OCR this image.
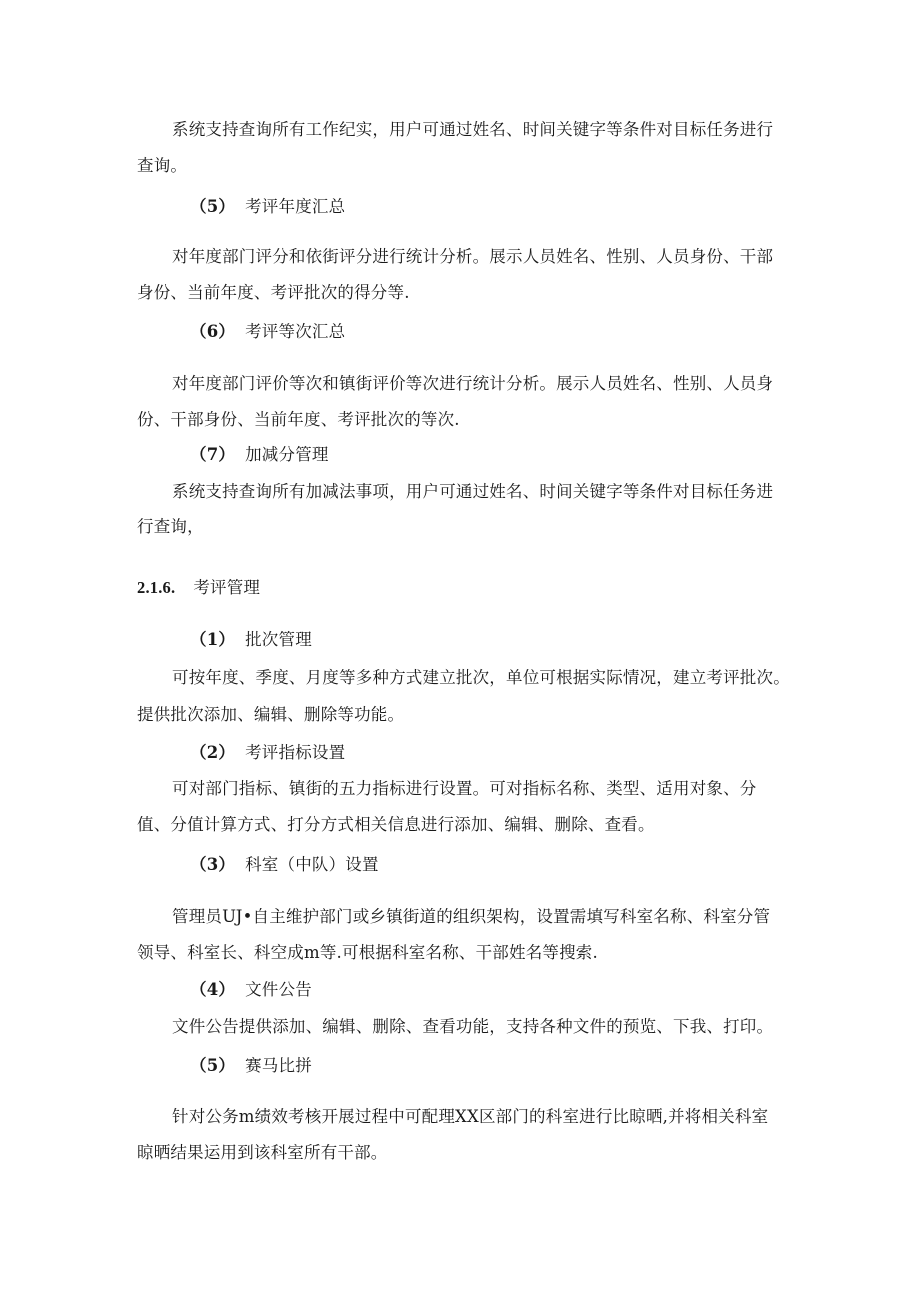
系统支持查询所有工作纪实，用户可通过姓名、时间关键字等条件对目标任务进行
查询。
（5） 考评年度汇总
对年度部门评分和依街评分进行统计分析。展示人员姓名、性别、人员身份、干部
身份、当前年度、考评批次的得分等.
（6） 考评等次汇总
对年度部门评价等次和镇街评价等次进行统计分析。展示人员姓名、性别、人员身
份、干部身份、当前年度、考评批次的等次.
（7） 加减分管理
系统支持查询所有加减法事项，用户可通过姓名、时间关键字等条件对目标任务进
行查询，
2.1.6. 考评管理
（1） 批次管理
可按年度、季度、月度等多种方式建立批次，单位可根据实际情况，建立考评批次。
提供批次添加、编辑、删除等功能。
（2） 考评指标设置
可对部门指标、镇街的五力指标进行设置。可对指标名称、类型、适用对象、分
值、分值计算方式、打分方式相关信息进行添加、编辑、删除、查看。
（3） 科室（中队）设置
管理员UJ•自主维护部门或乡镇街道的组织架构，设置需填写科室名称、科室分管
领导、科室长、科空成m等.可根据科室名称、干部姓名等搜索.
（4） 文件公告
文件公告提供添加、编辑、删除、查看功能，支持各种文件的预览、下我、打印。
（5） 赛马比拼
针对公务m绩效考核开展过程中可配理XX区部门的科室进行比晾晒,并将相关科室
晾晒结果运用到该科室所有干部。
